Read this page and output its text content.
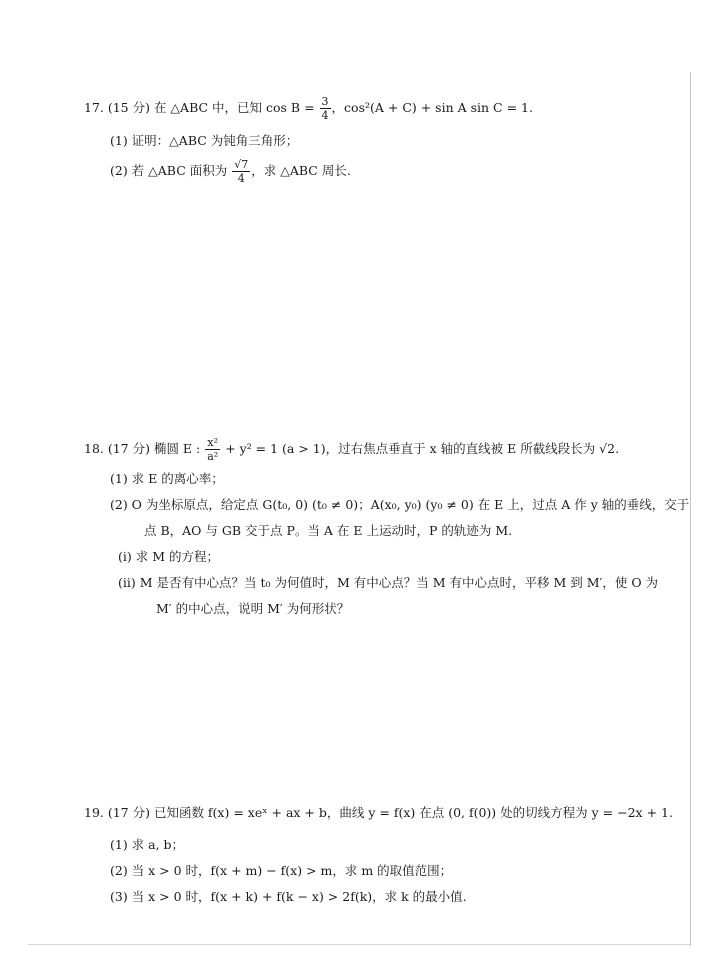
17. (15 分) 在 △ABC 中，已知 $\cos B = \frac{3}{4}$ ，cos²(A + C) + sin A sin C = 1.
(1) 证明：△ABC 为钝角三角形；
(2) 若 △ABC 面积为 $\frac{√7}{4}$ ，求 △ABC 周长.
18. (17 分) 椭圆 E : $\frac{\text{x²}}{\text{a²}} + y^2 = 1$ (a > 1)，过右焦点垂直于 x 轴的直线被 E 所截线段长为 √2.
(1) 求 E 的离心率；
(2) O 为坐标原点，给定点 G(t₀, 0) (t₀ ≠ 0)；A(x₀, y₀) (y₀ ≠ 0) 在 E 上，过点 A 作 y 轴的垂线，交于
点 B，AO 与 GB 交于点 P。当 A 在 E 上运动时，P 的轨迹为 M.
(i) 求 M 的方程；
(ii) M 是否有中心点？当 t₀ 为何值时，M 有中心点？当 M 有中心点时，平移 M 到 M′，使 O 为
M′ 的中心点，说明 M′ 为何形状？
19. (17 分) 已知函数 f(x) = xeˣ + ax + b，曲线 y = f(x) 在点 (0, f(0)) 处的切线方程为 y = −2x + 1.
(1) 求 a, b；
(2) 当 x > 0 时，f(x + m) − f(x) > m，求 m 的取值范围；
(3) 当 x > 0 时，f(x + k) + f(k − x) > 2f(k)，求 k 的最小值.
